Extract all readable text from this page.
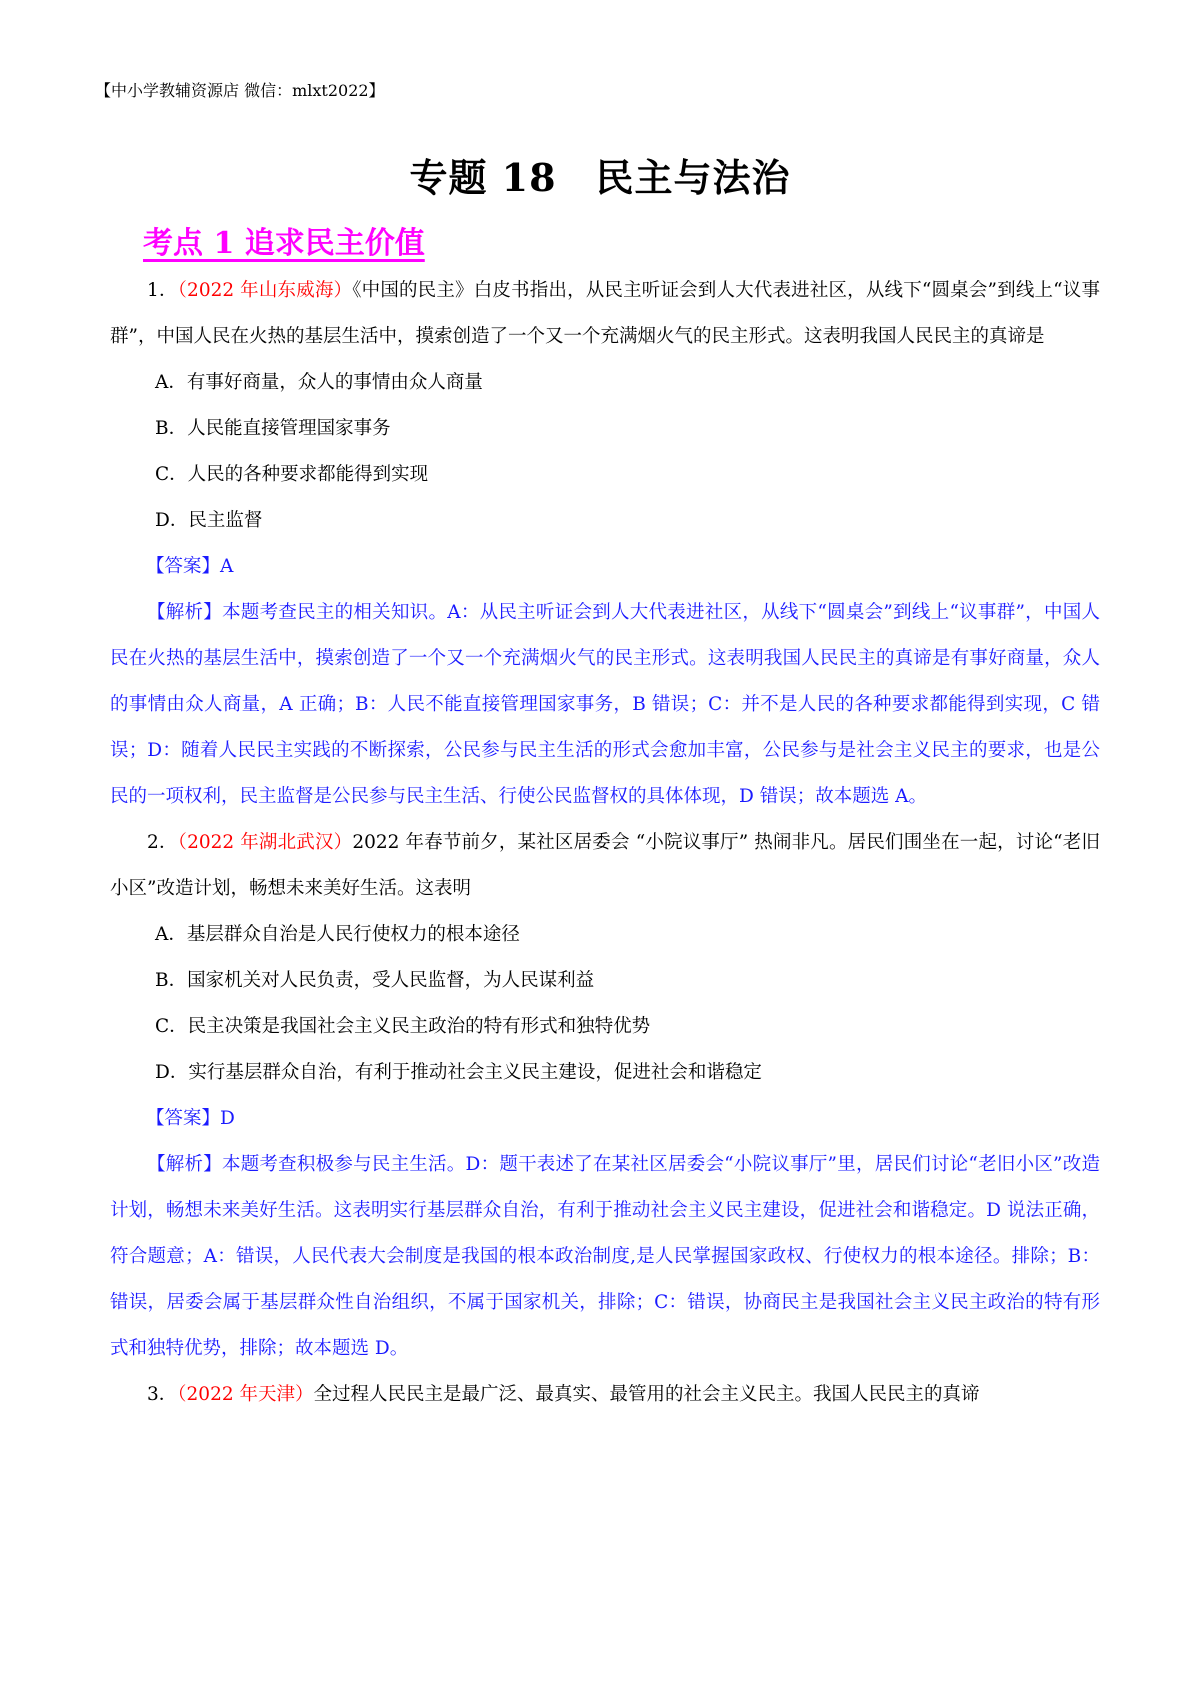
【中小学教辅资源店 微信：mlxt2022】
专题 18　民主与法治
考点 1 追求民主价值

1．（2022 年山东威海）《中国的民主》白皮书指出，从民主听证会到人大代表进社区，从线下“圆桌会”到线上“议事群”，中国人民在火热的基层生活中，摸索创造了一个又一个充满烟火气的民主形式。这表明我国人民民主的真谛是

A．有事好商量，众人的事情由众人商量

B．人民能直接管理国家事务

C．人民的各种要求都能得到实现

D．民主监督

【答案】A

【解析】本题考查民主的相关知识。A：从民主听证会到人大代表进社区，从线下“圆桌会”到线上“议事群”，中国人民在火热的基层生活中，摸索创造了一个又一个充满烟火气的民主形式。这表明我国人民民主的真谛是有事好商量，众人的事情由众人商量，A 正确；B：人民不能直接管理国家事务，B 错误；C：并不是人民的各种要求都能得到实现，C 错误；D：随着人民民主实践的不断探索，公民参与民主生活的形式会愈加丰富，公民参与是社会主义民主的要求，也是公民的一项权利，民主监督是公民参与民主生活、行使公民监督权的具体体现，D 错误；故本题选 A。

2．（2022 年湖北武汉）2022 年春节前夕，某社区居委会 “小院议事厅” 热闹非凡。居民们围坐在一起，讨论“老旧小区”改造计划，畅想未来美好生活。这表明

A．基层群众自治是人民行使权力的根本途径

B．国家机关对人民负责，受人民监督，为人民谋利益

C．民主决策是我国社会主义民主政治的特有形式和独特优势

D．实行基层群众自治，有利于推动社会主义民主建设，促进社会和谐稳定

【答案】D

【解析】本题考查积极参与民主生活。D：题干表述了在某社区居委会“小院议事厅”里，居民们讨论“老旧小区”改造计划，畅想未来美好生活。这表明实行基层群众自治，有利于推动社会主义民主建设，促进社会和谐稳定。D 说法正确，符合题意；A：错误，人民代表大会制度是我国的根本政治制度,是人民掌握国家政权、行使权力的根本途径。排除；B：错误，居委会属于基层群众性自治组织，不属于国家机关，排除；C：错误，协商民主是我国社会主义民主政治的特有形式和独特优势，排除；故本题选 D。

3．（2022 年天津）全过程人民民主是最广泛、最真实、最管用的社会主义民主。我国人民民主的真谛
